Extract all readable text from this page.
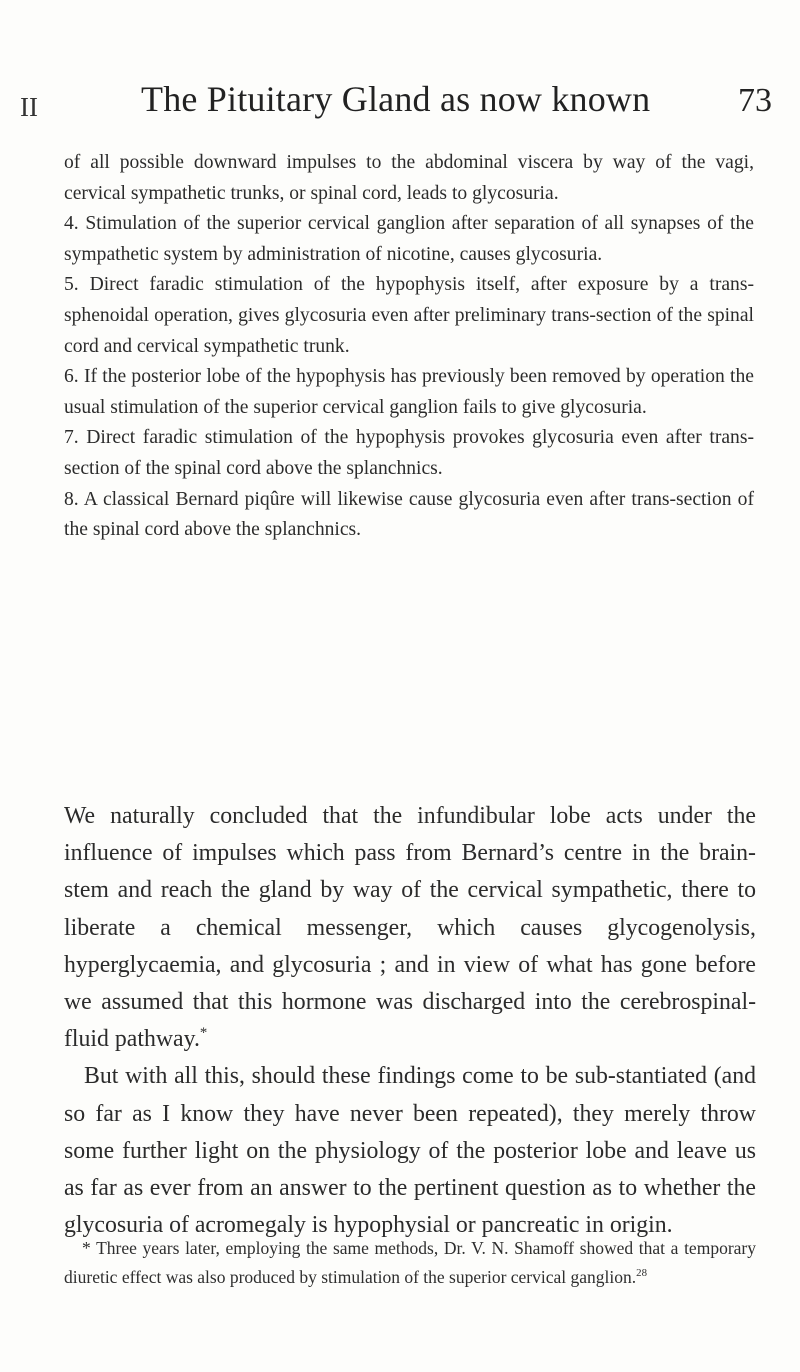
II	The Pituitary Gland as now known	73

of all possible downward impulses to the abdominal viscera by way of the vagi, cervical sympathetic trunks, or spinal cord, leads to glycosuria.

4. Stimulation of the superior cervical ganglion after separation of all synapses of the sympathetic system by administration of nicotine, causes glycosuria.

5. Direct faradic stimulation of the hypophysis itself, after exposure by a trans-sphenoidal operation, gives glycosuria even after preliminary trans-section of the spinal cord and cervical sympathetic trunk.

6. If the posterior lobe of the hypophysis has previously been removed by operation the usual stimulation of the superior cervical ganglion fails to give glycosuria.

7. Direct faradic stimulation of the hypophysis provokes glycosuria even after trans-section of the spinal cord above the splanchnics.

8. A classical Bernard piqûre will likewise cause glycosuria even after trans-section of the spinal cord above the splanchnics.

We naturally concluded that the infundibular lobe acts under the influence of impulses which pass from Bernard’s centre in the brain-stem and reach the gland by way of the cervical sympathetic, there to liberate a chemical messenger, which causes glycogenolysis, hyperglycaemia, and glycosuria ; and in view of what has gone before we assumed that this hormone was discharged into the cerebrospinal-fluid pathway.*

But with all this, should these findings come to be sub-stantiated (and so far as I know they have never been repeated), they merely throw some further light on the physiology of the posterior lobe and leave us as far as ever from an answer to the pertinent question as to whether the glycosuria of acromegaly is hypophysial or pancreatic in origin.

* Three years later, employing the same methods, Dr. V. N. Shamoff showed that a temporary diuretic effect was also produced by stimulation of the superior cervical ganglion.$^{28}$
